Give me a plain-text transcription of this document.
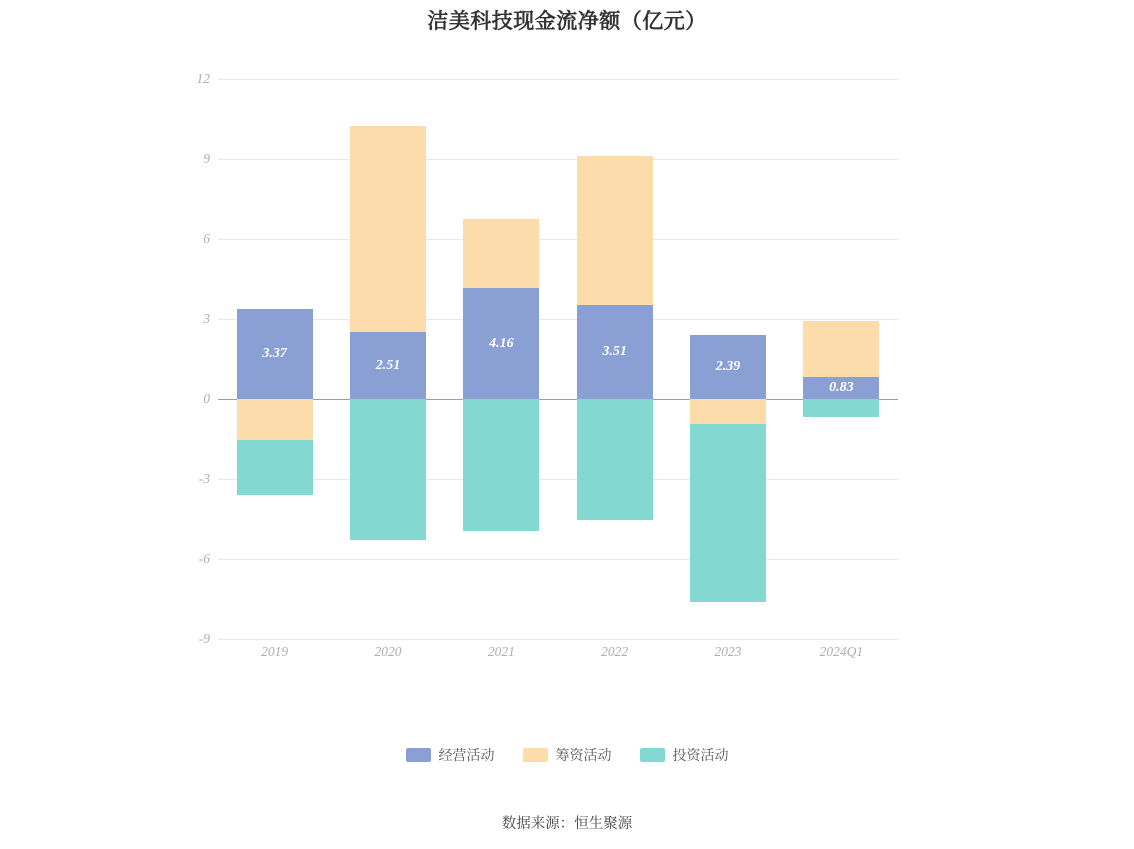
洁美科技现金流净额（亿元）
12
9
6
3
0
-3
-6
-9
3.37
2.51
4.16
3.51
2.39
0.83
2019	2020	2021	2022	2023	2024Q1
经营活动	筹资活动	投资活动
数据来源：恒生聚源
